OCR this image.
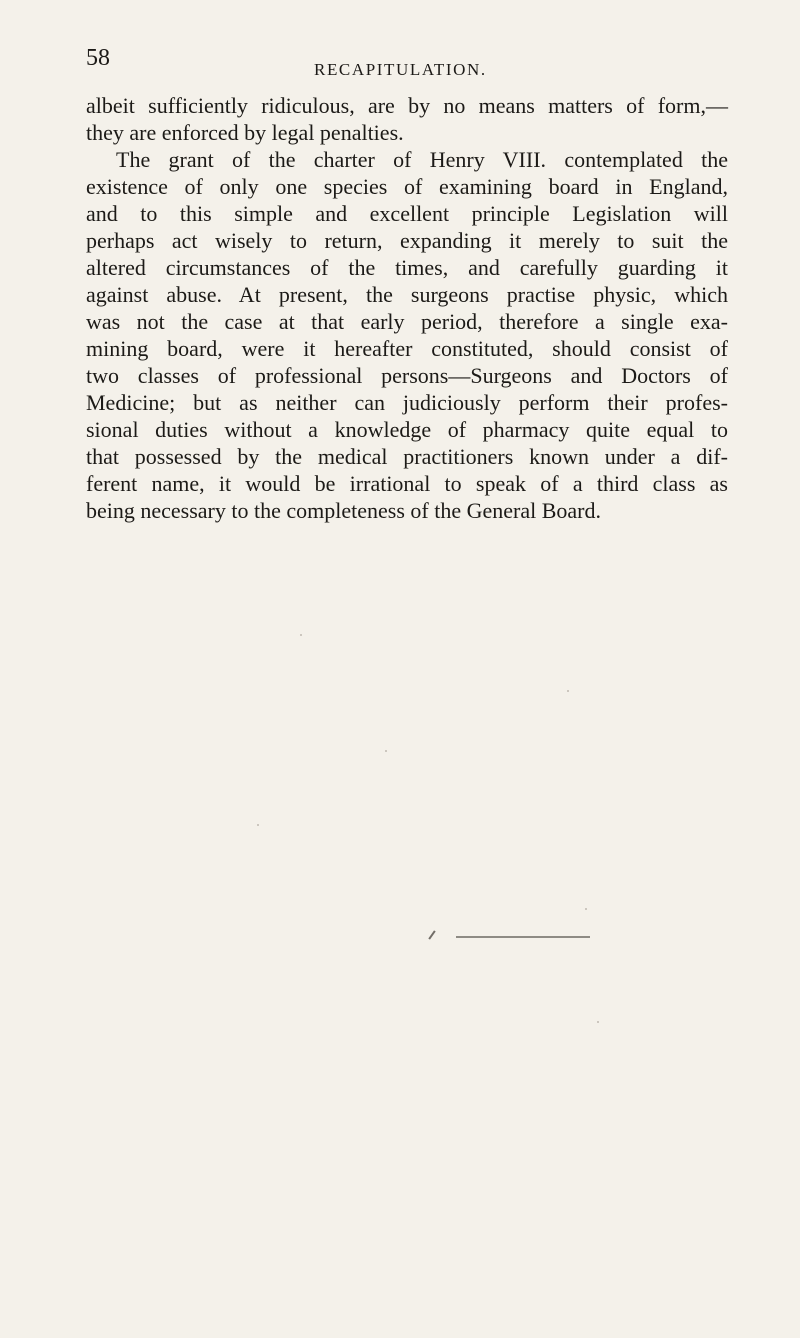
58	RECAPITULATION.
albeit sufficiently ridiculous, are by no means matters of form,—
they are enforced by legal penalties.
The grant of the charter of Henry VIII. contemplated the
existence of only one species of examining board in England,
and to this simple and excellent principle Legislation will
perhaps act wisely to return, expanding it merely to suit the
altered circumstances of the times, and carefully guarding it
against abuse. At present, the surgeons practise physic, which
was not the case at that early period, therefore a single exa-
mining board, were it hereafter constituted, should consist of
two classes of professional persons—Surgeons and Doctors of
Medicine; but as neither can judiciously perform their profes-
sional duties without a knowledge of pharmacy quite equal to
that possessed by the medical practitioners known under a dif-
ferent name, it would be irrational to speak of a third class as
being necessary to the completeness of the General Board.
